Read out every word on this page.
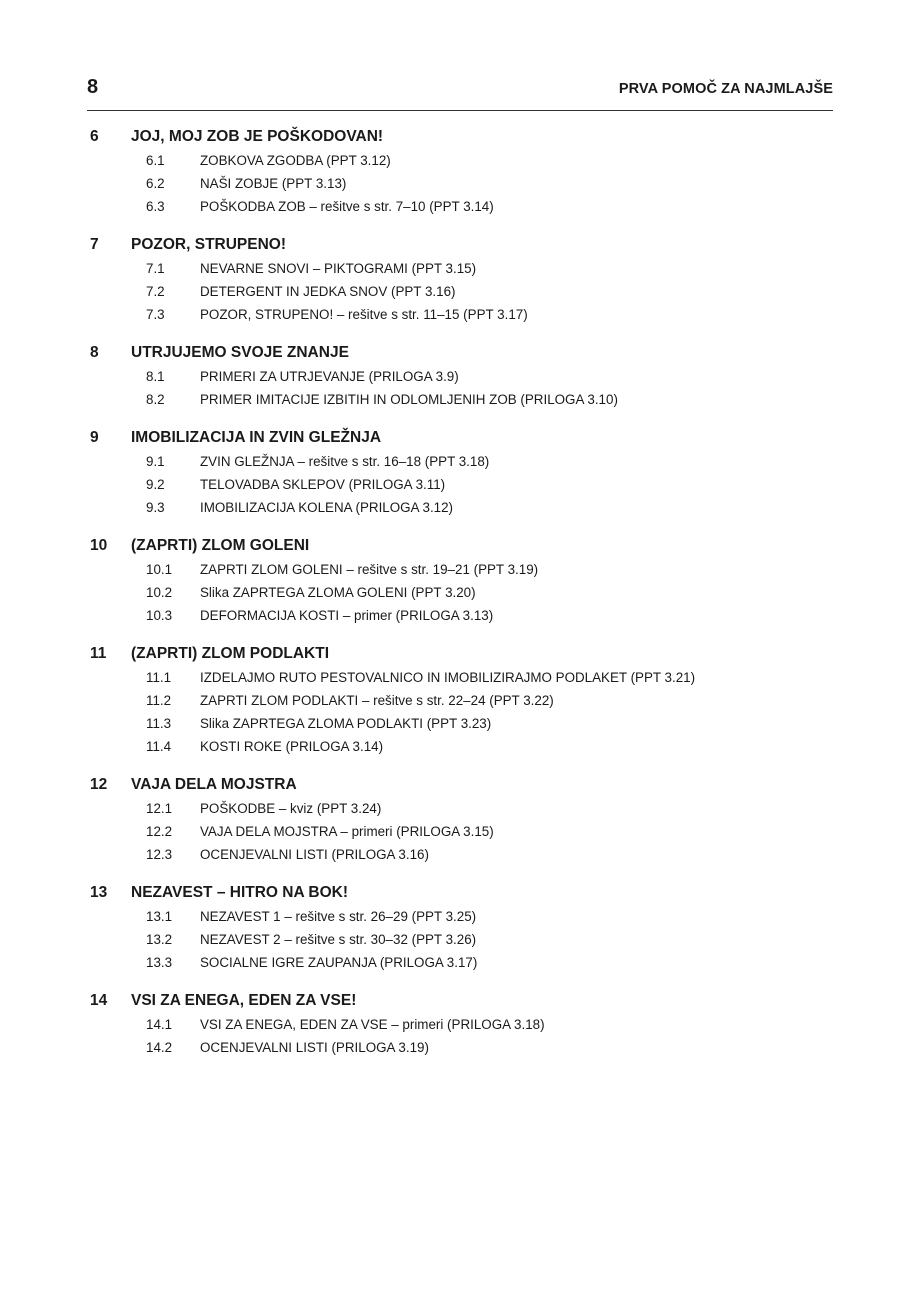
8	PRVA POMOČ ZA NAJMLAJŠE
6	JOJ, MOJ ZOB JE POŠKODOVAN!
6.1	ZOBKOVA ZGODBA (PPT 3.12)
6.2	NAŠI ZOBJE (PPT 3.13)
6.3	POŠKODBA ZOB – rešitve s str. 7–10 (PPT 3.14)
7	POZOR, STRUPENO!
7.1	NEVARNE SNOVI – PIKTOGRAMI (PPT 3.15)
7.2	DETERGENT IN JEDKA SNOV (PPT 3.16)
7.3	POZOR, STRUPENO! – rešitve s str. 11–15 (PPT 3.17)
8	UTRJUJEMO SVOJE ZNANJE
8.1	PRIMERI ZA UTRJEVANJE (PRILOGA 3.9)
8.2	PRIMER IMITACIJE IZBITIH IN ODLOMLJENIH ZOB (PRILOGA 3.10)
9	IMOBILIZACIJA IN ZVIN GLEŽNJA
9.1	ZVIN GLEŽNJA – rešitve s str. 16–18 (PPT 3.18)
9.2	TELOVADBA SKLEPOV (PRILOGA 3.11)
9.3	IMOBILIZACIJA KOLENA (PRILOGA 3.12)
10	(ZAPRTI) ZLOM GOLENI
10.1	ZAPRTI ZLOM GOLENI – rešitve s str. 19–21 (PPT 3.19)
10.2	Slika ZAPRTEGA ZLOMA GOLENI (PPT 3.20)
10.3	DEFORMACIJA KOSTI – primer (PRILOGA 3.13)
11	(ZAPRTI) ZLOM PODLAKTI
11.1	IZDELAJMO RUTO PESTOVALNICO IN IMOBILIZIRAJMO PODLAKET (PPT 3.21)
11.2	ZAPRTI ZLOM PODLAKTI – rešitve s str. 22–24 (PPT 3.22)
11.3	Slika ZAPRTEGA ZLOMA PODLAKTI (PPT 3.23)
11.4	KOSTI ROKE (PRILOGA 3.14)
12	VAJA DELA MOJSTRA
12.1	POŠKODBE – kviz (PPT 3.24)
12.2	VAJA DELA MOJSTRA – primeri (PRILOGA 3.15)
12.3	OCENJEVALNI LISTI (PRILOGA 3.16)
13	NEZAVEST – HITRO NA BOK!
13.1	NEZAVEST 1 – rešitve s str. 26–29 (PPT 3.25)
13.2	NEZAVEST 2 – rešitve s str. 30–32 (PPT 3.26)
13.3	SOCIALNE IGRE ZAUPANJA (PRILOGA 3.17)
14	VSI ZA ENEGA, EDEN ZA VSE!
14.1	VSI ZA ENEGA, EDEN ZA VSE – primeri (PRILOGA 3.18)
14.2	OCENJEVALNI LISTI (PRILOGA 3.19)
